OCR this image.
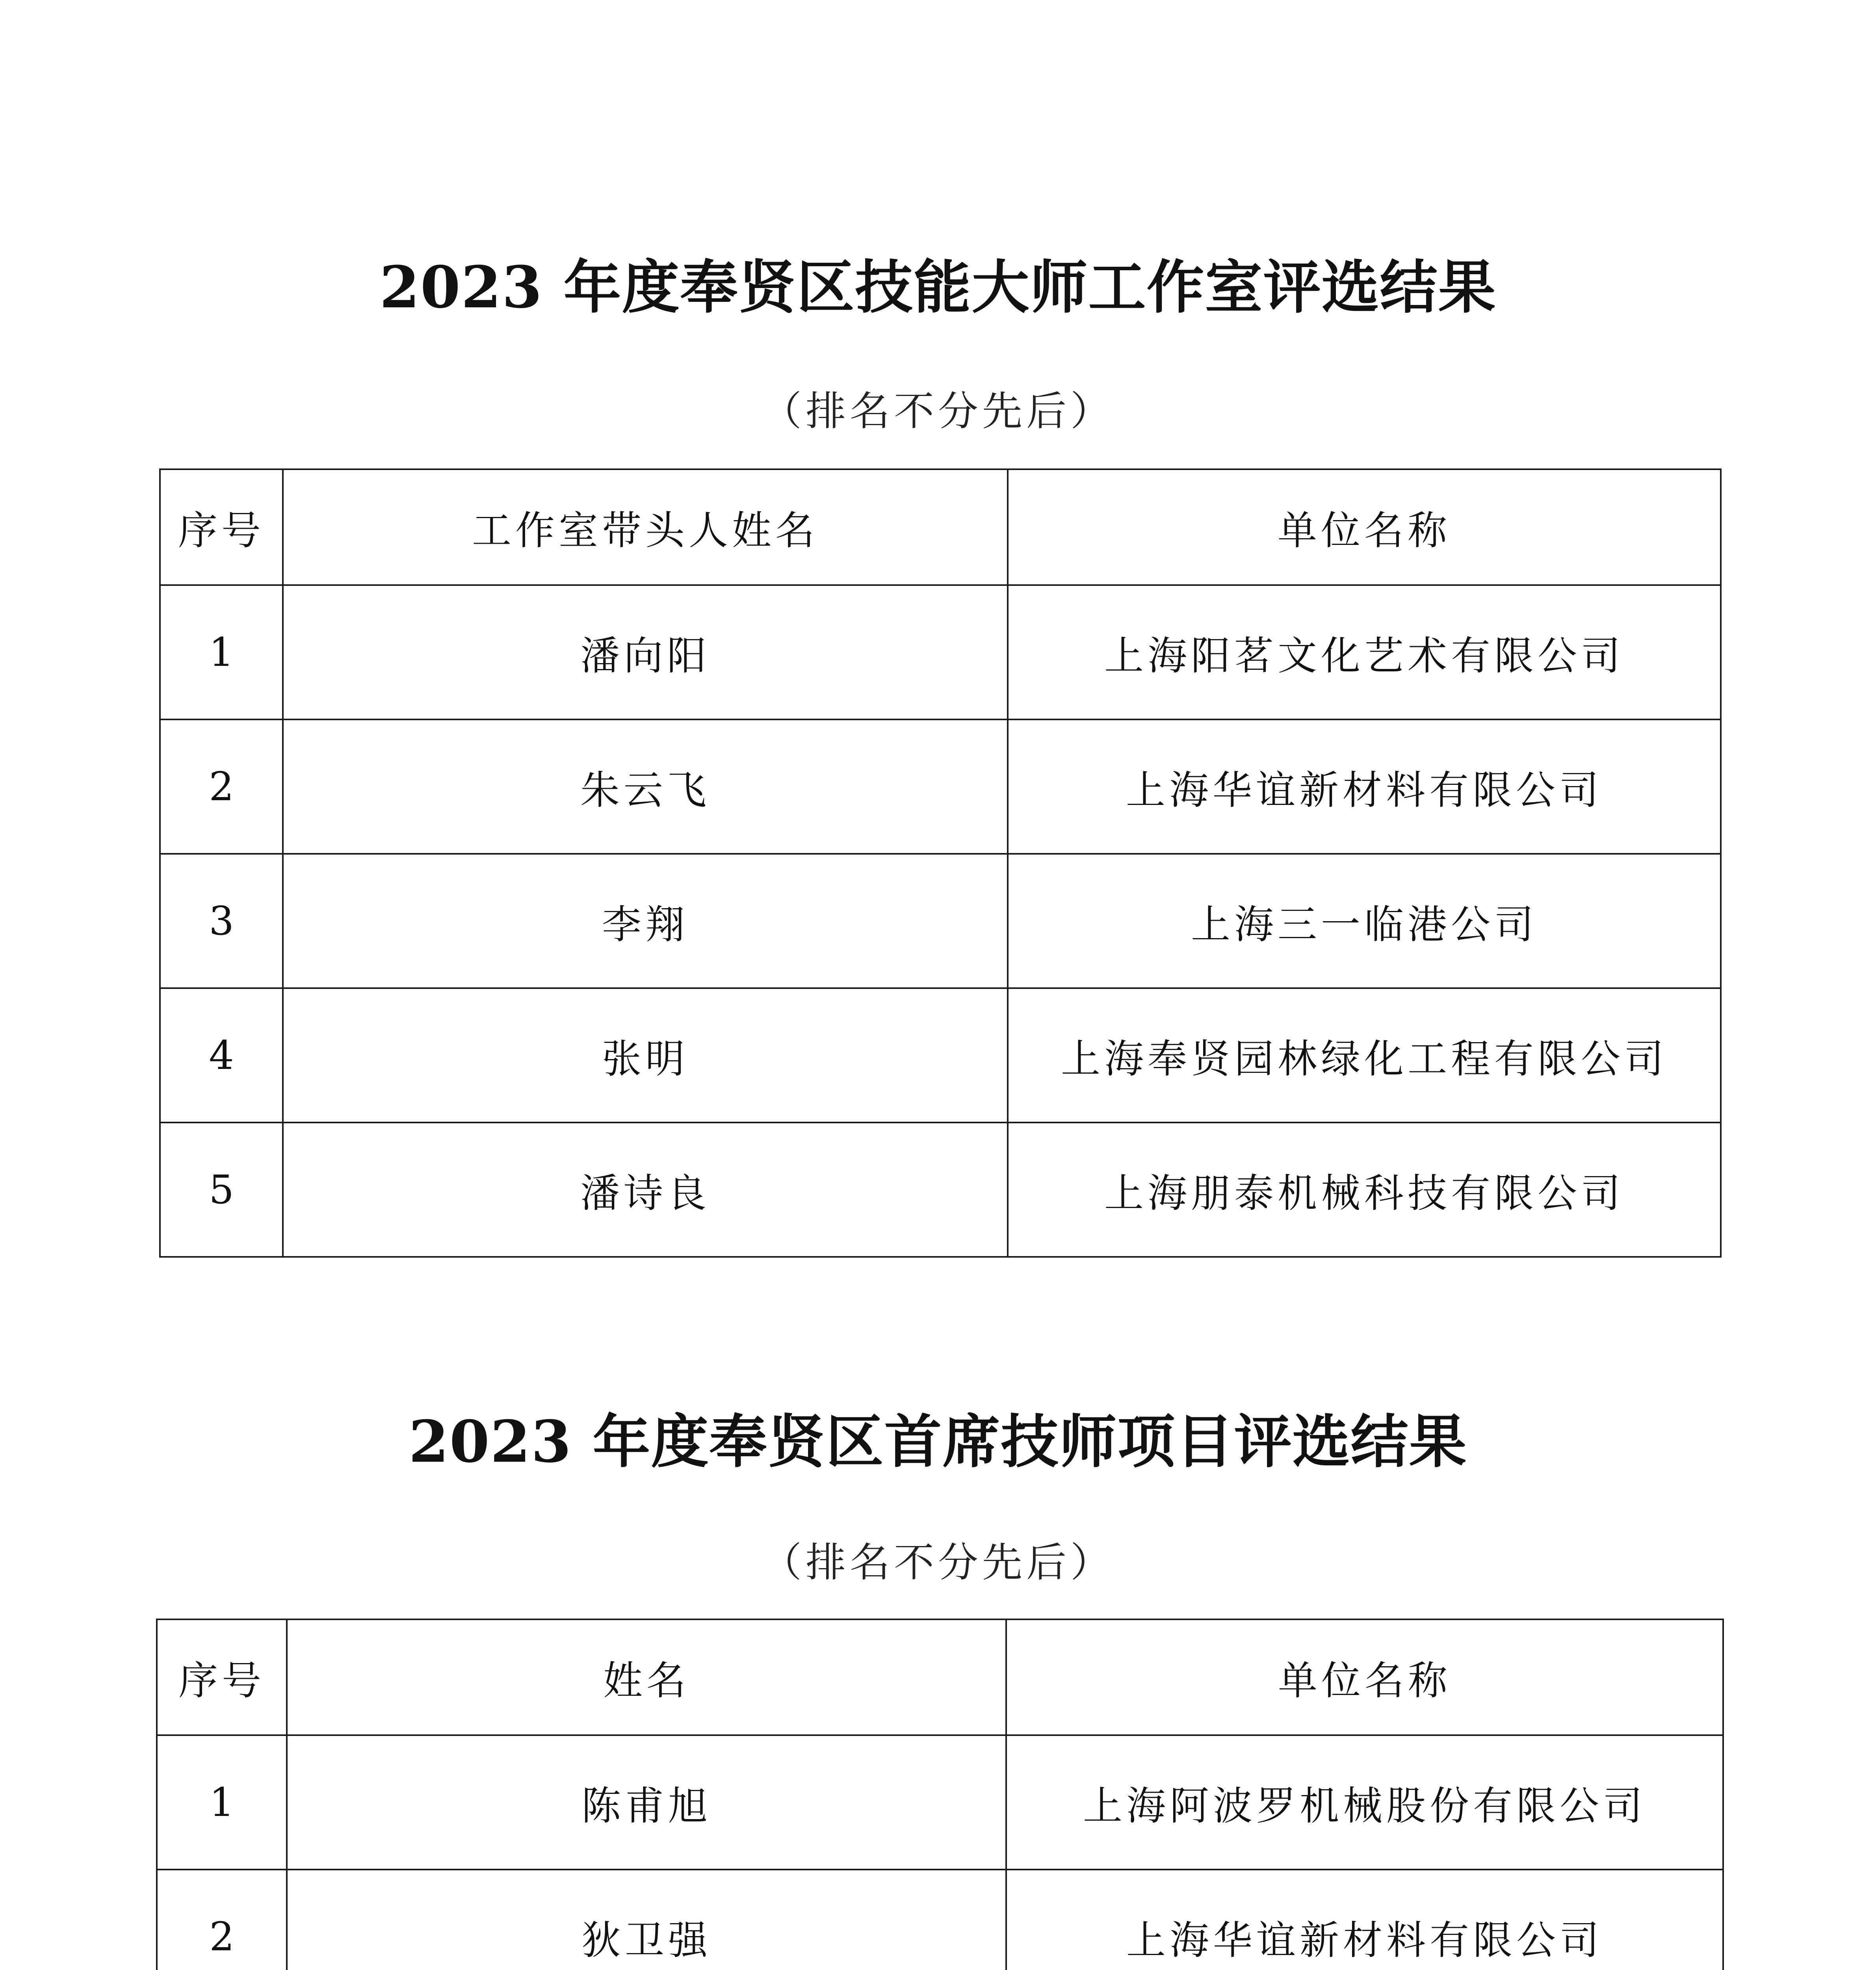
2023 年度奉贤区技能大师工作室评选结果
（排名不分先后）
序号	工作室带头人姓名	单位名称
1	潘向阳	上海阳茗文化艺术有限公司
2	朱云飞	上海华谊新材料有限公司
3	李翔	上海三一临港公司
4	张明	上海奉贤园林绿化工程有限公司
5	潘诗良	上海朋泰机械科技有限公司
2023 年度奉贤区首席技师项目评选结果
（排名不分先后）
序号	姓名	单位名称
1	陈甫旭	上海阿波罗机械股份有限公司
2	狄卫强	上海华谊新材料有限公司
